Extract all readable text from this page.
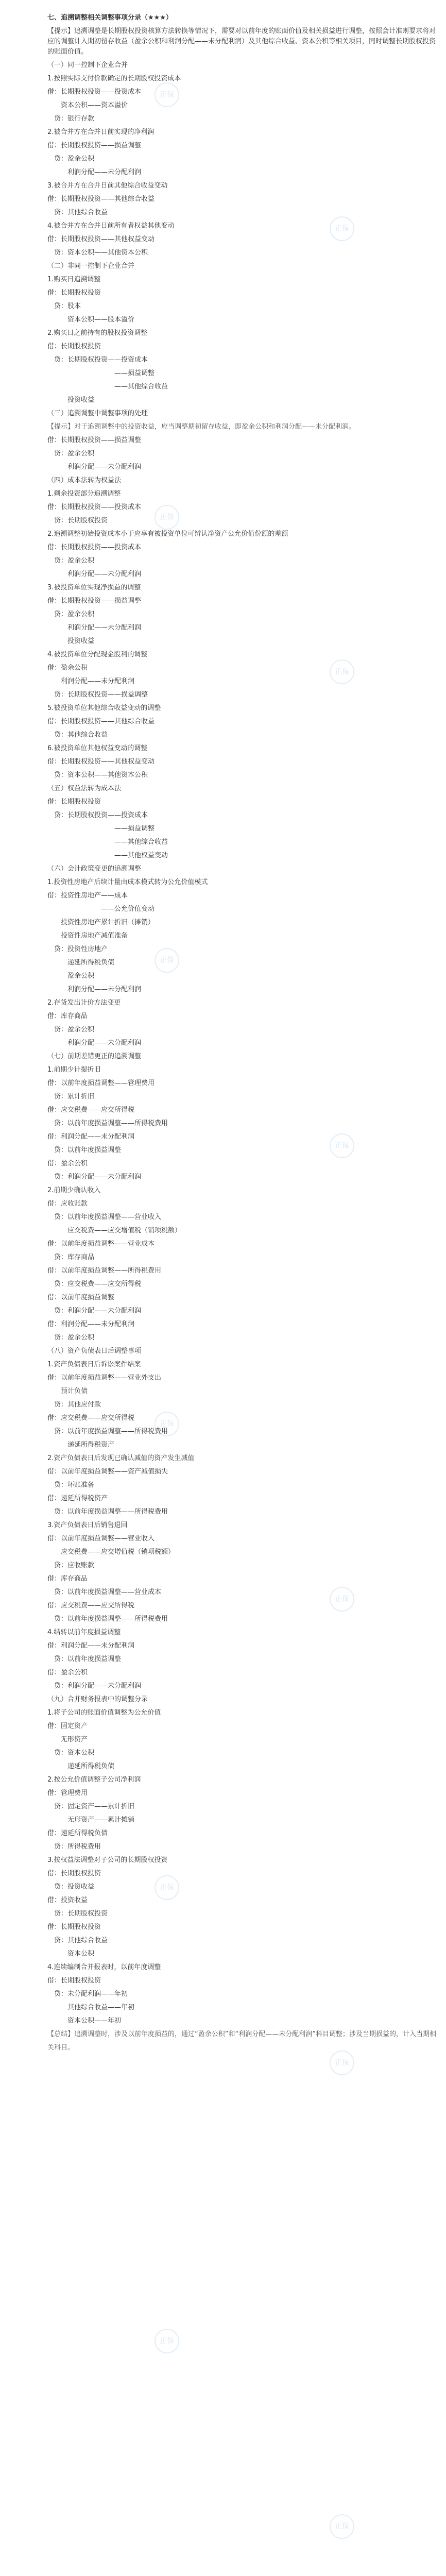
正保
正保
正保
正保
正保
正保
正保
正保
正保
正保
正保
正保
七、追溯调整相关调整事项分录（★★★）
【提示】追溯调整是长期股权投资核算方法转换等情况下，需要对以前年度的账面价值及相关损益进行调整，按照会计准则要求将对应的调整计入期初留存收益（盈余公积和利润分配——未分配利润）及其他综合收益、资本公积等相关项目，同时调整长期股权投资的账面价值。
（一）同一控制下企业合并
1.按照实际支付价款确定的长期股权投资成本
借：长期股权投资——投资成本
　　资本公积——资本溢价
　贷：银行存款
2.被合并方在合并日前实现的净利润
借：长期股权投资——损益调整
　贷：盈余公积
　　　利润分配——未分配利润
3.被合并方在合并日前其他综合收益变动
借：长期股权投资——其他综合收益
　贷：其他综合收益
4.被合并方在合并日前所有者权益其他变动
借：长期股权投资——其他权益变动
　贷：资本公积——其他资本公积
（二）非同一控制下企业合并
1.购买日追溯调整
借：长期股权投资
　贷：股本
　　　资本公积——股本溢价
2.购买日之前持有的股权投资调整
借：长期股权投资
　贷：长期股权投资——投资成本
　　　　　　　　　　——损益调整
　　　　　　　　　　——其他综合收益
　　　投资收益
（三）追溯调整中调整事项的处理
【提示】对于追溯调整中的投资收益，应当调整期初留存收益，即盈余公积和利润分配——未分配利润。
借：长期股权投资——损益调整
　贷：盈余公积
　　　利润分配——未分配利润
（四）成本法转为权益法
1.剩余投资部分追溯调整
借：长期股权投资——投资成本
　贷：长期股权投资
2.追溯调整初始投资成本小于应享有被投资单位可辨认净资产公允价值份额的差额
借：长期股权投资——投资成本
　贷：盈余公积
　　　利润分配——未分配利润
3.被投资单位实现净损益的调整
借：长期股权投资——损益调整
　贷：盈余公积
　　　利润分配——未分配利润
　　　投资收益
4.被投资单位分配现金股利的调整
借：盈余公积
　　利润分配——未分配利润
　贷：长期股权投资——损益调整
5.被投资单位其他综合收益变动的调整
借：长期股权投资——其他综合收益
　贷：其他综合收益
6.被投资单位其他权益变动的调整
借：长期股权投资——其他权益变动
　贷：资本公积——其他资本公积
（五）权益法转为成本法
借：长期股权投资
　贷：长期股权投资——投资成本
　　　　　　　　　　——损益调整
　　　　　　　　　　——其他综合收益
　　　　　　　　　　——其他权益变动
（六）会计政策变更的追溯调整
1.投资性房地产后续计量由成本模式转为公允价值模式
借：投资性房地产——成本
　　　　　　　　——公允价值变动
　　投资性房地产累计折旧（摊销）
　　投资性房地产减值准备
　贷：投资性房地产
　　　递延所得税负债
　　　盈余公积
　　　利润分配——未分配利润
2.存货发出计价方法变更
借：库存商品
　贷：盈余公积
　　　利润分配——未分配利润
（七）前期差错更正的追溯调整
1.前期少计提折旧
借：以前年度损益调整——管理费用
　贷：累计折旧
借：应交税费——应交所得税
　贷：以前年度损益调整——所得税费用
借：利润分配——未分配利润
　贷：以前年度损益调整
借：盈余公积
　贷：利润分配——未分配利润
2.前期少确认收入
借：应收账款
　贷：以前年度损益调整——营业收入
　　　应交税费——应交增值税（销项税额）
借：以前年度损益调整——营业成本
　贷：库存商品
借：以前年度损益调整——所得税费用
　贷：应交税费——应交所得税
借：以前年度损益调整
　贷：利润分配——未分配利润
借：利润分配——未分配利润
　贷：盈余公积
（八）资产负债表日后调整事项
1.资产负债表日后诉讼案件结案
借：以前年度损益调整——营业外支出
　　预计负债
　贷：其他应付款
借：应交税费——应交所得税
　贷：以前年度损益调整——所得税费用
　　　递延所得税资产
2.资产负债表日后发现已确认减值的资产发生减值
借：以前年度损益调整——资产减值损失
　贷：坏账准备
借：递延所得税资产
　贷：以前年度损益调整——所得税费用
3.资产负债表日后销售退回
借：以前年度损益调整——营业收入
　　应交税费——应交增值税（销项税额）
　贷：应收账款
借：库存商品
　贷：以前年度损益调整——营业成本
借：应交税费——应交所得税
　贷：以前年度损益调整——所得税费用
4.结转以前年度损益调整
借：利润分配——未分配利润
　贷：以前年度损益调整
借：盈余公积
　贷：利润分配——未分配利润
（九）合并财务报表中的调整分录
1.将子公司的账面价值调整为公允价值
借：固定资产
　　无形资产
　贷：资本公积
　　　递延所得税负债
2.按公允价值调整子公司净利润
借：管理费用
　贷：固定资产——累计折旧
　　　无形资产——累计摊销
借：递延所得税负债
　贷：所得税费用
3.按权益法调整对子公司的长期股权投资
借：长期股权投资
　贷：投资收益
借：投资收益
　贷：长期股权投资
借：长期股权投资
　贷：其他综合收益
　　　资本公积
4.连续编制合并报表时，以前年度调整
借：长期股权投资
　贷：未分配利润——年初
　　　其他综合收益——年初
　　　资本公积——年初
【总结】追溯调整时，涉及以前年度损益的，通过“盈余公积”和“利润分配——未分配利润”科目调整；涉及当期损益的，计入当期相关科目。
